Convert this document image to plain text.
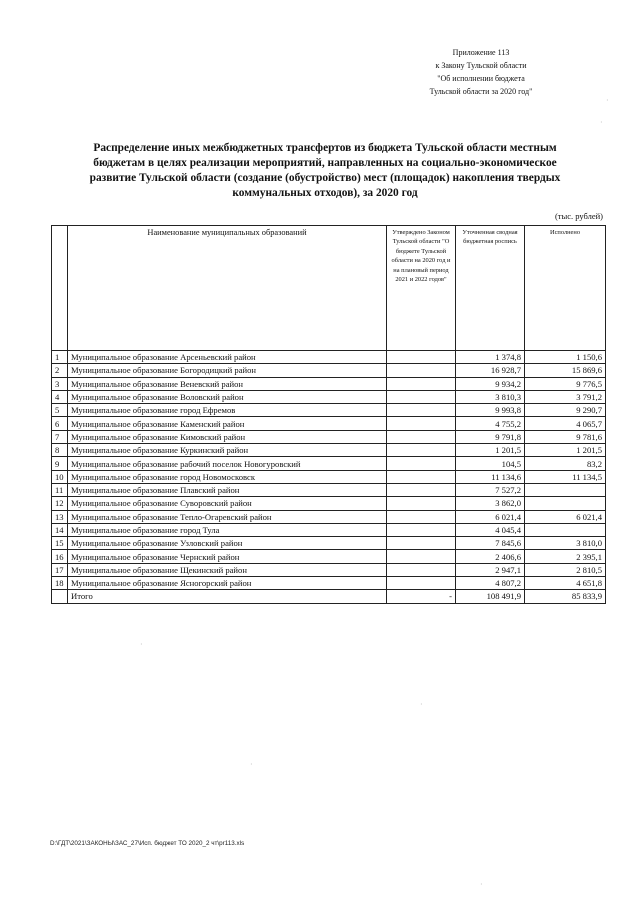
Приложение 113
к Закону Тульской области
"Об исполнении бюджета
Тульской области за 2020 год"
Распределение иных межбюджетных трансфертов из бюджета Тульской области местным
бюджетам в целях реализации мероприятий, направленных на социально-экономическое
развитие Тульской области (создание (обустройство) мест (площадок) накопления твердых
коммунальных отходов), за 2020 год
(тыс. рублей)
	Наименование муниципальных образований	Утверждено Законом Тульской области "О бюджете Тульской области на 2020 год и на плановый период 2021 и 2022 годов"	Уточненная сводная бюджетная роспись	Исполнено
1	Муниципальное образование Арсеньевский район		1 374,8	1 150,6
2	Муниципальное образование Богородицкий район		16 928,7	15 869,6
3	Муниципальное образование Веневский район		9 934,2	9 776,5
4	Муниципальное образование Воловский район		3 810,3	3 791,2
5	Муниципальное образование город Ефремов		9 993,8	9 290,7
6	Муниципальное образование Каменский район		4 755,2	4 065,7
7	Муниципальное образование Кимовский район		9 791,8	9 781,6
8	Муниципальное образование Куркинский район		1 201,5	1 201,5
9	Муниципальное образование рабочий поселок Новогуровский		104,5	83,2
10	Муниципальное образование город Новомосковск		11 134,6	11 134,5
11	Муниципальное образование Плавский район		7 527,2	
12	Муниципальное образование Суворовский район		3 862,0	
13	Муниципальное образование Тепло-Огаревский район		6 021,4	6 021,4
14	Муниципальное образование город Тула		4 045,4	
15	Муниципальное образование Узловский район		7 845,6	3 810,0
16	Муниципальное образование Чернский район		2 406,6	2 395,1
17	Муниципальное образование Щекинский район		2 947,1	2 810,5
18	Муниципальное образование Ясногорский район		4 807,2	4 651,8
	Итого	-	108 491,9	85 833,9
D:\ГДТ\2021\ЗАКОНЫ\ЗАС_27\Исп. бюджет ТО 2020_2 чт\pr113.xls
·
·
·
·
·
·
